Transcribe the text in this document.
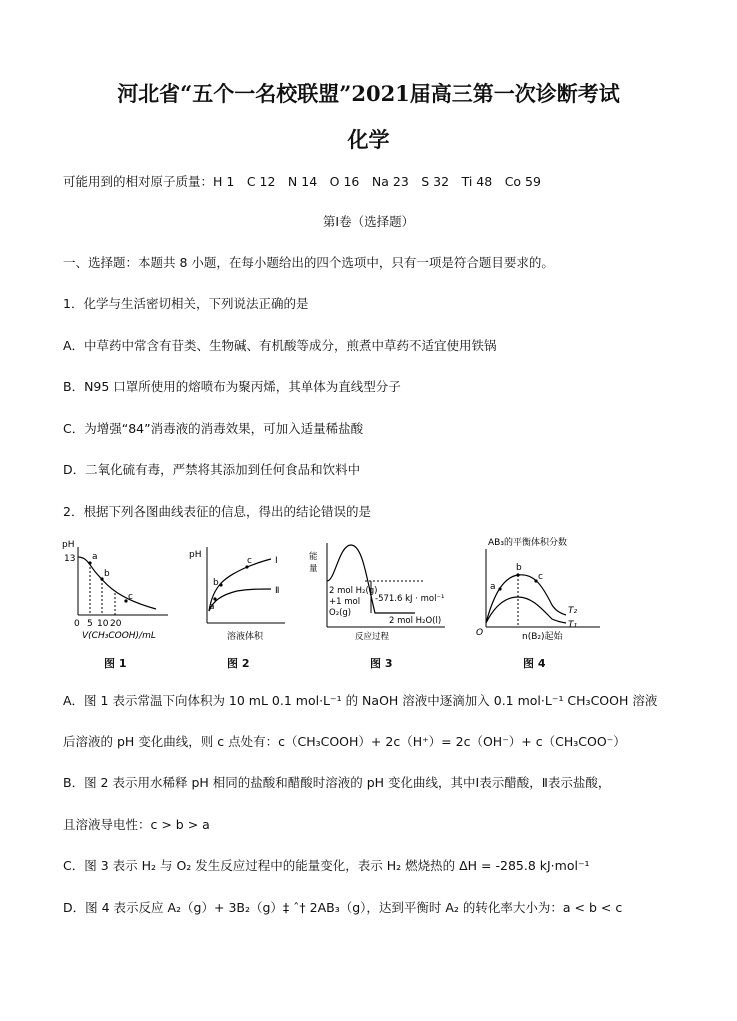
河北省“五个一名校联盟”2021届高三第一次诊断考试
化学
可能用到的相对原子质量：H 1　C 12　N 14　O 16　Na 23　S 32　Ti 48　Co 59
第Ⅰ卷（选择题）
一、选择题：本题共 8 小题，在每小题给出的四个选项中，只有一项是符合题目要求的。
1．化学与生活密切相关，下列说法正确的是
A．中草药中常含有苷类、生物碱、有机酸等成分，煎煮中草药不适宜使用铁锅
B．N95 口罩所使用的熔喷布为聚丙烯，其单体为直线型分子
C．为增强“84”消毒液的消毒效果，可加入适量稀盐酸
D．二氧化硫有毒，严禁将其添加到任何食品和饮料中
2．根据下列各图曲线表征的信息，得出的结论错误的是
pH
13 a
b
c
0 5 10 20
V(CH₃COOH)/mL
图 1
pH
a
b
c	Ⅰ
Ⅱ
溶液体积
图 2
能
量
2 mol H₂(g)
+1 mol
O₂(g)
-571.6 kJ · mol⁻¹
2 mol H₂O(l)
反应过程
图 3
AB₃的平衡体积分数
a
b
c
O
T₂
T₁
n(B₂)起始
图 4
A．图 1 表示常温下向体积为 10 mL 0.1 mol·L⁻¹ 的 NaOH 溶液中逐滴加入 0.1 mol·L⁻¹ CH₃COOH 溶液
后溶液的 pH 变化曲线，则 c 点处有：c（CH₃COOH）+ 2c（H⁺）= 2c（OH⁻）+ c（CH₃COO⁻）
B．图 2 表示用水稀释 pH 相同的盐酸和醋酸时溶液的 pH 变化曲线，其中Ⅰ表示醋酸，Ⅱ表示盐酸，
且溶液导电性：c > b > a
C．图 3 表示 H₂ 与 O₂ 发生反应过程中的能量变化，表示 H₂ 燃烧热的 ΔH = -285.8 kJ·mol⁻¹
D．图 4 表示反应 A₂（g）+ 3B₂（g）‡ ˆ† 2AB₃（g），达到平衡时 A₂ 的转化率大小为：a < b < c
